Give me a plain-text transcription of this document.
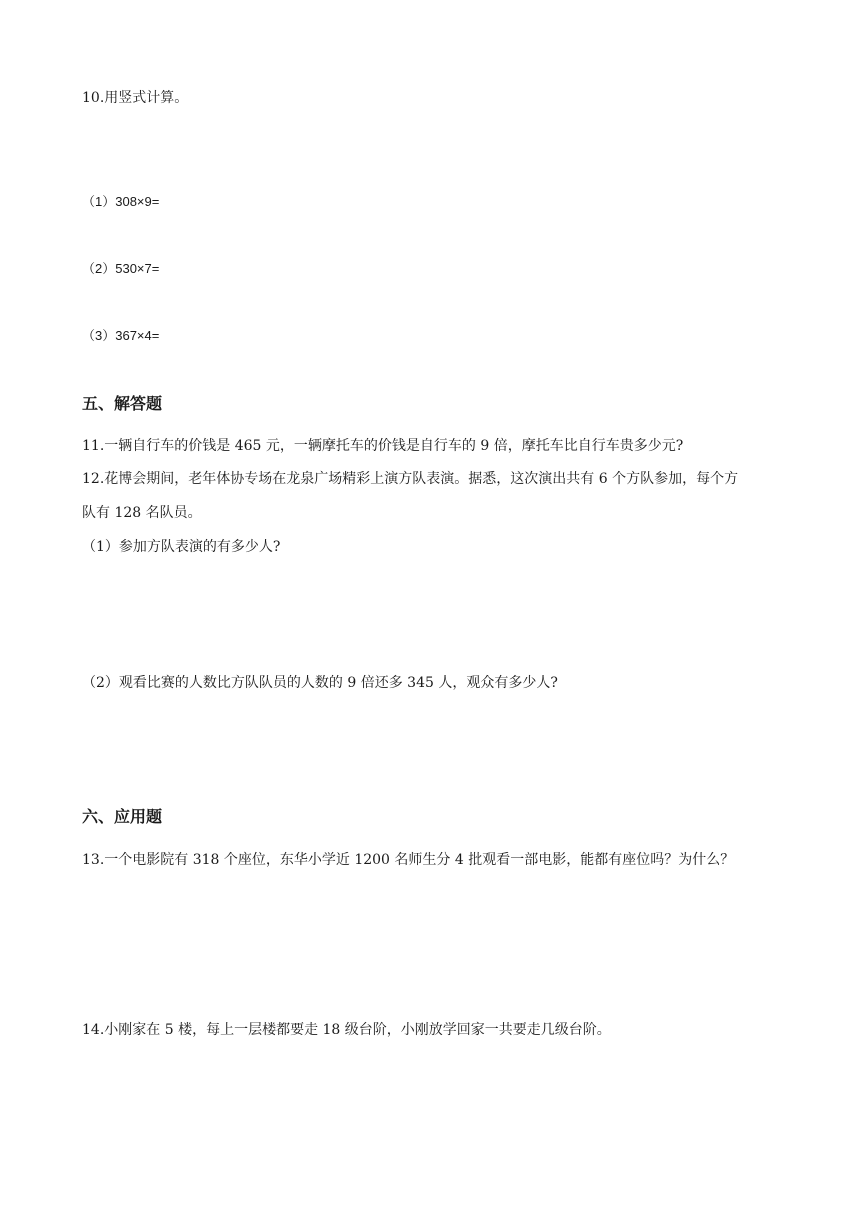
10.用竖式计算。
（1）308×9=
（2）530×7=
（3）367×4=
五、解答题
11.一辆自行车的价钱是 465 元，一辆摩托车的价钱是自行车的 9 倍，摩托车比自行车贵多少元?
12.花博会期间，老年体协专场在龙泉广场精彩上演方队表演。据悉，这次演出共有 6 个方队参加，每个方
队有 128 名队员。
（1）参加方队表演的有多少人?
（2）观看比赛的人数比方队队员的人数的 9 倍还多 345 人，观众有多少人?
六、应用题
13.一个电影院有 318 个座位，东华小学近 1200 名师生分 4 批观看一部电影，能都有座位吗？为什么？
14.小刚家在 5 楼，每上一层楼都要走 18 级台阶，小刚放学回家一共要走几级台阶。
